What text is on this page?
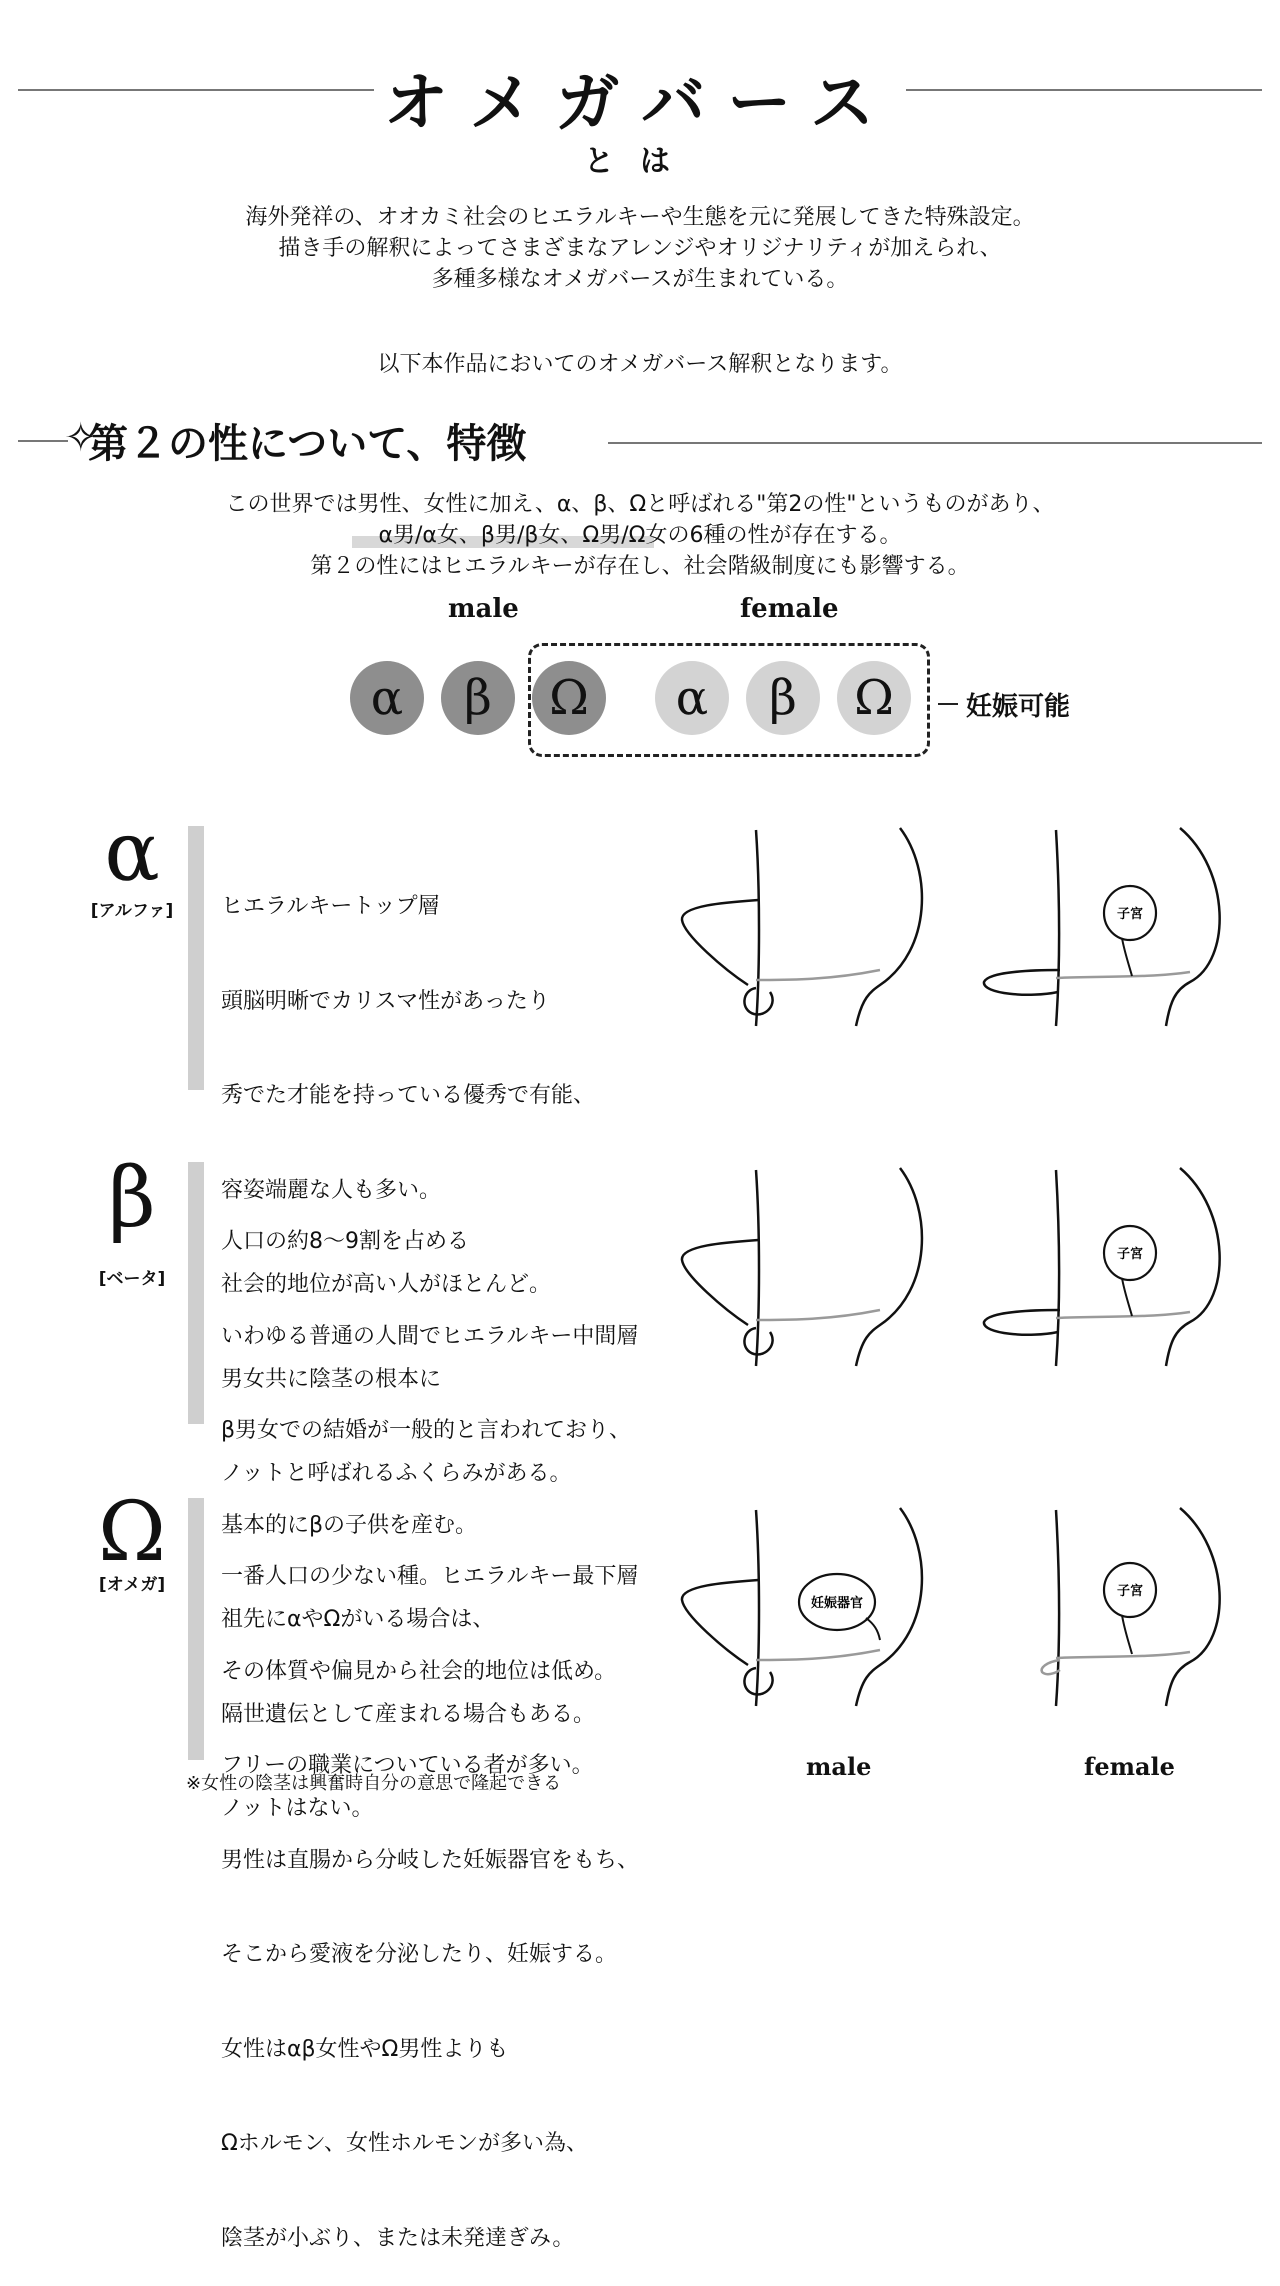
オメガバース
とは
海外発祥の、オオカミ社会のヒエラルキーや生態を元に発展してきた特殊設定。
描き手の解釈によってさまざまなアレンジやオリジナリティが加えられ、
多種多様なオメガバースが生まれている。
以下本作品においてのオメガバース解釈となります。
✧
第２の性について、特徴
この世界では男性、女性に加え、α、β、Ωと呼ばれる"第2の性"というものがあり、
α男/α女、β男/β女、Ω男/Ω女の6種の性が存在する。
第２の性にはヒエラルキーが存在し、社会階級制度にも影響する。
male	female
α	β	Ω	α	β	Ω	妊娠可能
α
[アルファ]

	ヒエラルキートップ層

頭脳明晰でカリスマ性があったり

秀でた才能を持っている優秀で有能、

容姿端麗な人も多い。

社会的地位が高い人がほとんど。

男女共に陰茎の根本に

ノットと呼ばれるふくらみがある。

子宮
β
[ベータ]

人口の約8〜9割を占める

いわゆる普通の人間でヒエラルキー中間層

β男女での結婚が一般的と言われており、

基本的にβの子供を産む。

祖先にαやΩがいる場合は、

隔世遺伝として産まれる場合もある。

ノットはない。

子宮
Ω
[オメガ]

	一番人口の少ない種。ヒエラルキー最下層

その体質や偏見から社会的地位は低め。

フリーの職業についている者が多い。

男性は直腸から分岐した妊娠器官をもち、

そこから愛液を分泌したり、妊娠する。

女性はαβ女性やΩ男性よりも

Ωホルモン、女性ホルモンが多い為、

陰茎が小ぶり、または未発達ぎみ。

妊娠器官
子宮
male	female
※女性の陰茎は興奮時自分の意思で隆起できる
